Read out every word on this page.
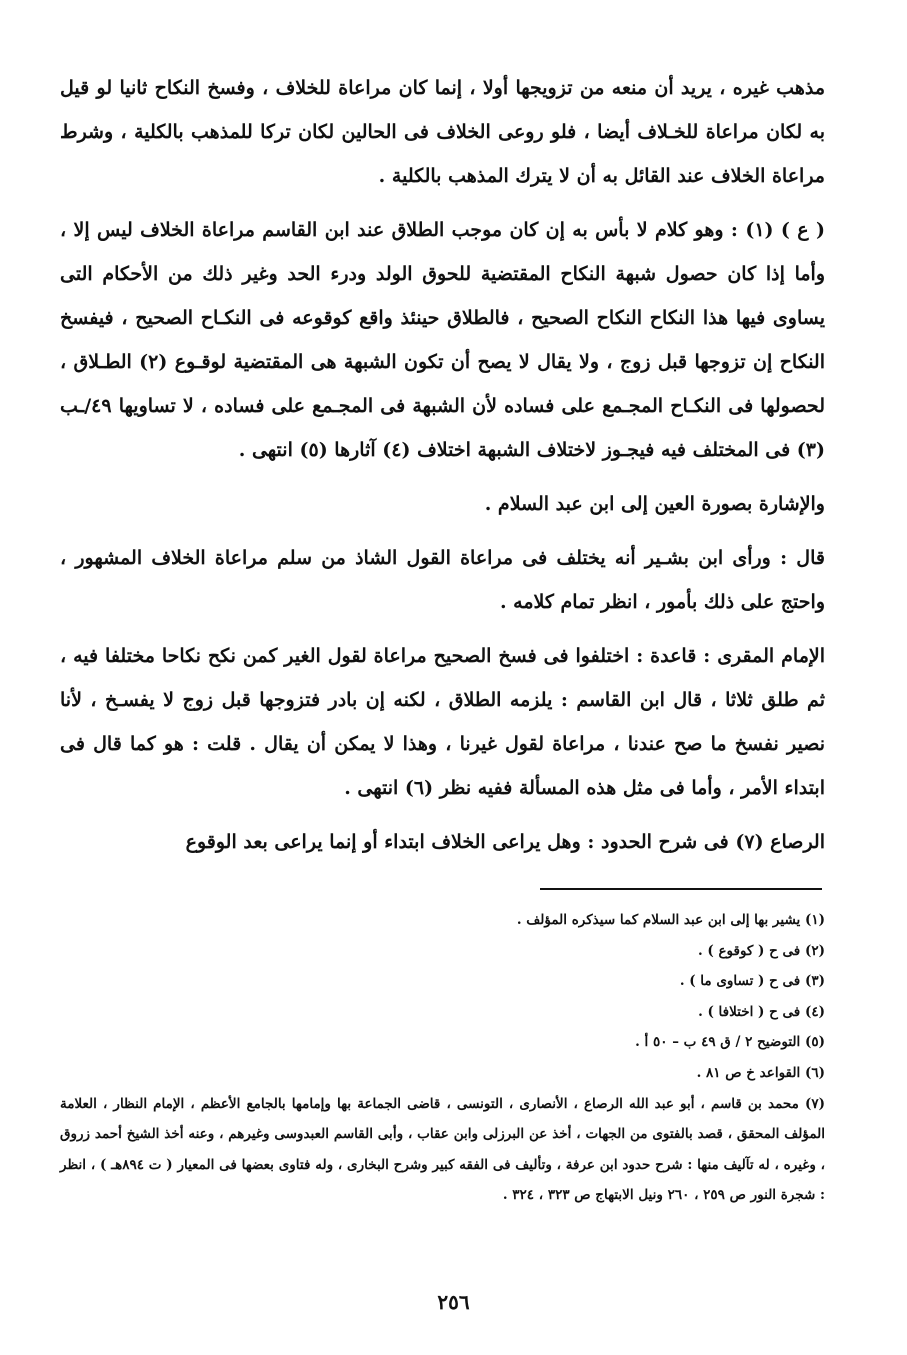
مذهب غيره ، يريد أن منعه من تزويجها أولا ، إنما كان مراعاة للخلاف ، وفسخ النكاح ثانيا لو قيل به لكان مراعاة للخـلاف أيضا ، فلو روعى الخلاف فى الحالين لكان تركا للمذهب بالكلية ، وشرط مراعاة الخلاف عند القائل به أن لا يترك المذهب بالكلية .

( ع ) (١) : وهو كلام لا بأس به إن كان موجب الطلاق عند ابن القاسم مراعاة الخلاف ليس إلا ، وأما إذا كان حصول شبهة النكاح المقتضية للحوق الولد ودرء الحد وغير ذلك من الأحكام التى يساوى فيها هذا النكاح النكاح الصحيح ، فالطلاق حينئذ واقع كوقوعه فى النكـاح الصحيح ، فيفسخ النكاح إن تزوجها قبل زوج ، ولا يقال لا يصح أن تكون الشبهة هى المقتضية لوقـوع (٢) الطـلاق ، لحصولها فى النكـاح المجـمع على فساده لأن الشبهة فى المجـمع على فساده ، لا تساويها ٤٩/ـب (٣) فى المختلف فيه فيجـوز لاختلاف الشبهة اختلاف (٤) آثارها (٥) انتهى .

والإشارة بصورة العين إلى ابن عبد السلام .

قال : ورأى ابن بشـير أنه يختلف فى مراعاة القول الشاذ من سلم مراعاة الخلاف المشهور ، واحتج على ذلك بأمور ، انظر تمام كلامه .

الإمام المقرى : قاعدة : اختلفوا فى فسخ الصحيح مراعاة لقول الغير كمن نكح نكاحا مختلفا فيه ، ثم طلق ثلاثا ، قال ابن القاسم : يلزمه الطلاق ، لكنه إن بادر فتزوجها قبل زوج لا يفسـخ ، لأنا نصير نفسخ ما صح عندنا ، مراعاة لقول غيرنا ، وهذا لا يمكن أن يقال . قلت : هو كما قال فى ابتداء الأمر ، وأما فى مثل هذه المسألة ففيه نظر (٦) انتهى .

الرصاع (٧) فى شرح الحدود : وهل يراعى الخلاف ابتداء أو إنما يراعى بعد الوقوع

(١) يشير بها إلى ابن عبد السلام كما سيذكره المؤلف .

(٢) فى ح ( كوقوع ) .

(٣) فى ح ( تساوى ما ) .

(٤) فى ح ( اختلافا ) .

(٥) التوضيح ٢ / ق ٤٩ ب – ٥٠ أ .

(٦) القواعد خ ص ٨١ .

(٧) محمد بن قاسم ، أبو عبد الله الرصاع ، الأنصارى ، التونسى ، قاضى الجماعة بها وإمامها بالجامع الأعظم ، الإمام النظار ، العلامة المؤلف المحقق ، قصد بالفتوى من الجهات ، أخذ عن البرزلى وابن عقاب ، وأبى القاسم العبدوسى وغيرهم ، وعنه أخذ الشيخ أحمد زروق ، وغيره ، له تآليف منها : شرح حدود ابن عرفة ، وتأليف فى الفقه كبير وشرح البخارى ، وله فتاوى بعضها فى المعيار ( ت ٨٩٤هـ ) ، انظر : شجرة النور ص ٢٥٩ ، ٢٦٠ ونيل الابتهاج ص ٣٢٣ ، ٣٢٤ .

٢٥٦
